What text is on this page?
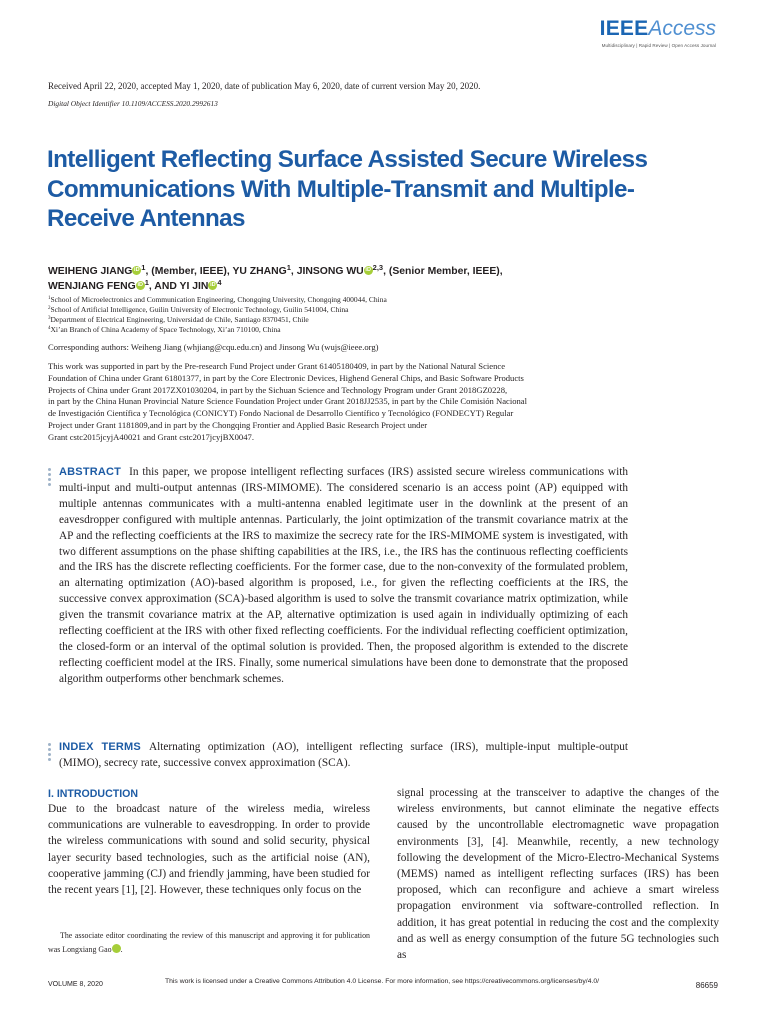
IEEEAccess
Multidisciplinary | Rapid Review | Open Access Journal
Received April 22, 2020, accepted May 1, 2020, date of publication May 6, 2020, date of current version May 20, 2020.
Digital Object Identifier 10.1109/ACCESS.2020.2992613
Intelligent Reflecting Surface Assisted Secure Wireless Communications With Multiple-Transmit and Multiple-Receive Antennas
WEIHENG JIANG iD $^1$, (Member, IEEE), YU ZHANG$^1$, JINSONG WU iD $^{2,3}$, (Senior Member, IEEE),
WENJIANG FENG iD $^1$, AND YI JIN iD $^4$
$^1$School of Microelectronics and Communication Engineering, Chongqing University, Chongqing 400044, China
$^2$School of Artificial Intelligence, Guilin University of Electronic Technology, Guilin 541004, China
$^3$Department of Electrical Engineering, Universidad de Chile, Santiago 8370451, Chile
$^4$Xi’an Branch of China Academy of Space Technology, Xi’an 710100, China
Corresponding authors: Weiheng Jiang (whjiang@cqu.edu.cn) and Jinsong Wu (wujs@ieee.org)
This work was supported in part by the Pre-research Fund Project under Grant 61405180409, in part by the National Natural Science
Foundation of China under Grant 61801377, in part by the Core Electronic Devices, Highend General Chips, and Basic Software Products
Projects of China under Grant 2017ZX01030204, in part by the Sichuan Science and Technology Program under Grant 2018GZ0228,
in part by the China Hunan Provincial Nature Science Foundation Project under Grant 2018JJ2535, in part by the Chile Comisión Nacional
de Investigación Científica y Tecnológica (CONICYT) Fondo Nacional de Desarrollo Científico y Tecnológico (FONDECYT) Regular
Project under Grant 1181809,and in part by the Chongqing Frontier and Applied Basic Research Project under
Grant cstc2015jcyjA40021 and Grant cstc2017jcyjBX0047.
ABSTRACT In this paper, we propose intelligent reflecting surfaces (IRS) assisted secure wireless communications with multi-input and multi-output antennas (IRS-MIMOME). The considered scenario is an access point (AP) equipped with multiple antennas communicates with a multi-antenna enabled legitimate user in the downlink at the present of an eavesdropper configured with multiple antennas. Particularly, the joint optimization of the transmit covariance matrix at the AP and the reflecting coefficients at the IRS to maximize the secrecy rate for the IRS-MIMOME system is investigated, with two different assumptions on the phase shifting capabilities at the IRS, i.e., the IRS has the continuous reflecting coefficients and the IRS has the discrete reflecting coefficients. For the former case, due to the non-convexity of the formulated problem, an alternating optimization (AO)-based algorithm is proposed, i.e., for given the reflecting coefficients at the IRS, the successive convex approximation (SCA)-based algorithm is used to solve the transmit covariance matrix optimization, while given the transmit covariance matrix at the AP, alternative optimization is used again in individually optimizing of each reflecting coefficient at the IRS with other fixed reflecting coefficients. For the individual reflecting coefficient optimization, the closed-form or an interval of the optimal solution is provided. Then, the proposed algorithm is extended to the discrete reflecting coefficient model at the IRS. Finally, some numerical simulations have been done to demonstrate that the proposed algorithm outperforms other benchmark schemes.
INDEX TERMS Alternating optimization (AO), intelligent reflecting surface (IRS), multiple-input multiple-output (MIMO), secrecy rate, successive convex approximation (SCA).
I. INTRODUCTION
Due to the broadcast nature of the wireless media, wireless communications are vulnerable to eavesdropping. In order to provide the wireless communications with sound and solid security, physical layer security based technologies, such as the artificial noise (AN), cooperative jamming (CJ) and friendly jamming, have been studied for the recent years [1], [2]. However, these techniques only focus on the
signal processing at the transceiver to adaptive the changes of the wireless environments, but cannot eliminate the negative effects caused by the uncontrollable electromagnetic wave propagation environments [3], [4]. Meanwhile, recently, a new technology following the development of the Micro-Electro-Mechanical Systems (MEMS) named as intelligent reflecting surfaces (IRS) has been proposed, which can reconfigure and achieve a smart wireless propagation environment via software-controlled reflection. In addition, it has great potential in reducing the cost and the complexity and as well as energy consumption of the future 5G technologies such as
The associate editor coordinating the review of this manuscript and approving it for publication was Longxiang Gao iD.
VOLUME 8, 2020	This work is licensed under a Creative Commons Attribution 4.0 License. For more information, see https://creativecommons.org/licenses/by/4.0/	86659
